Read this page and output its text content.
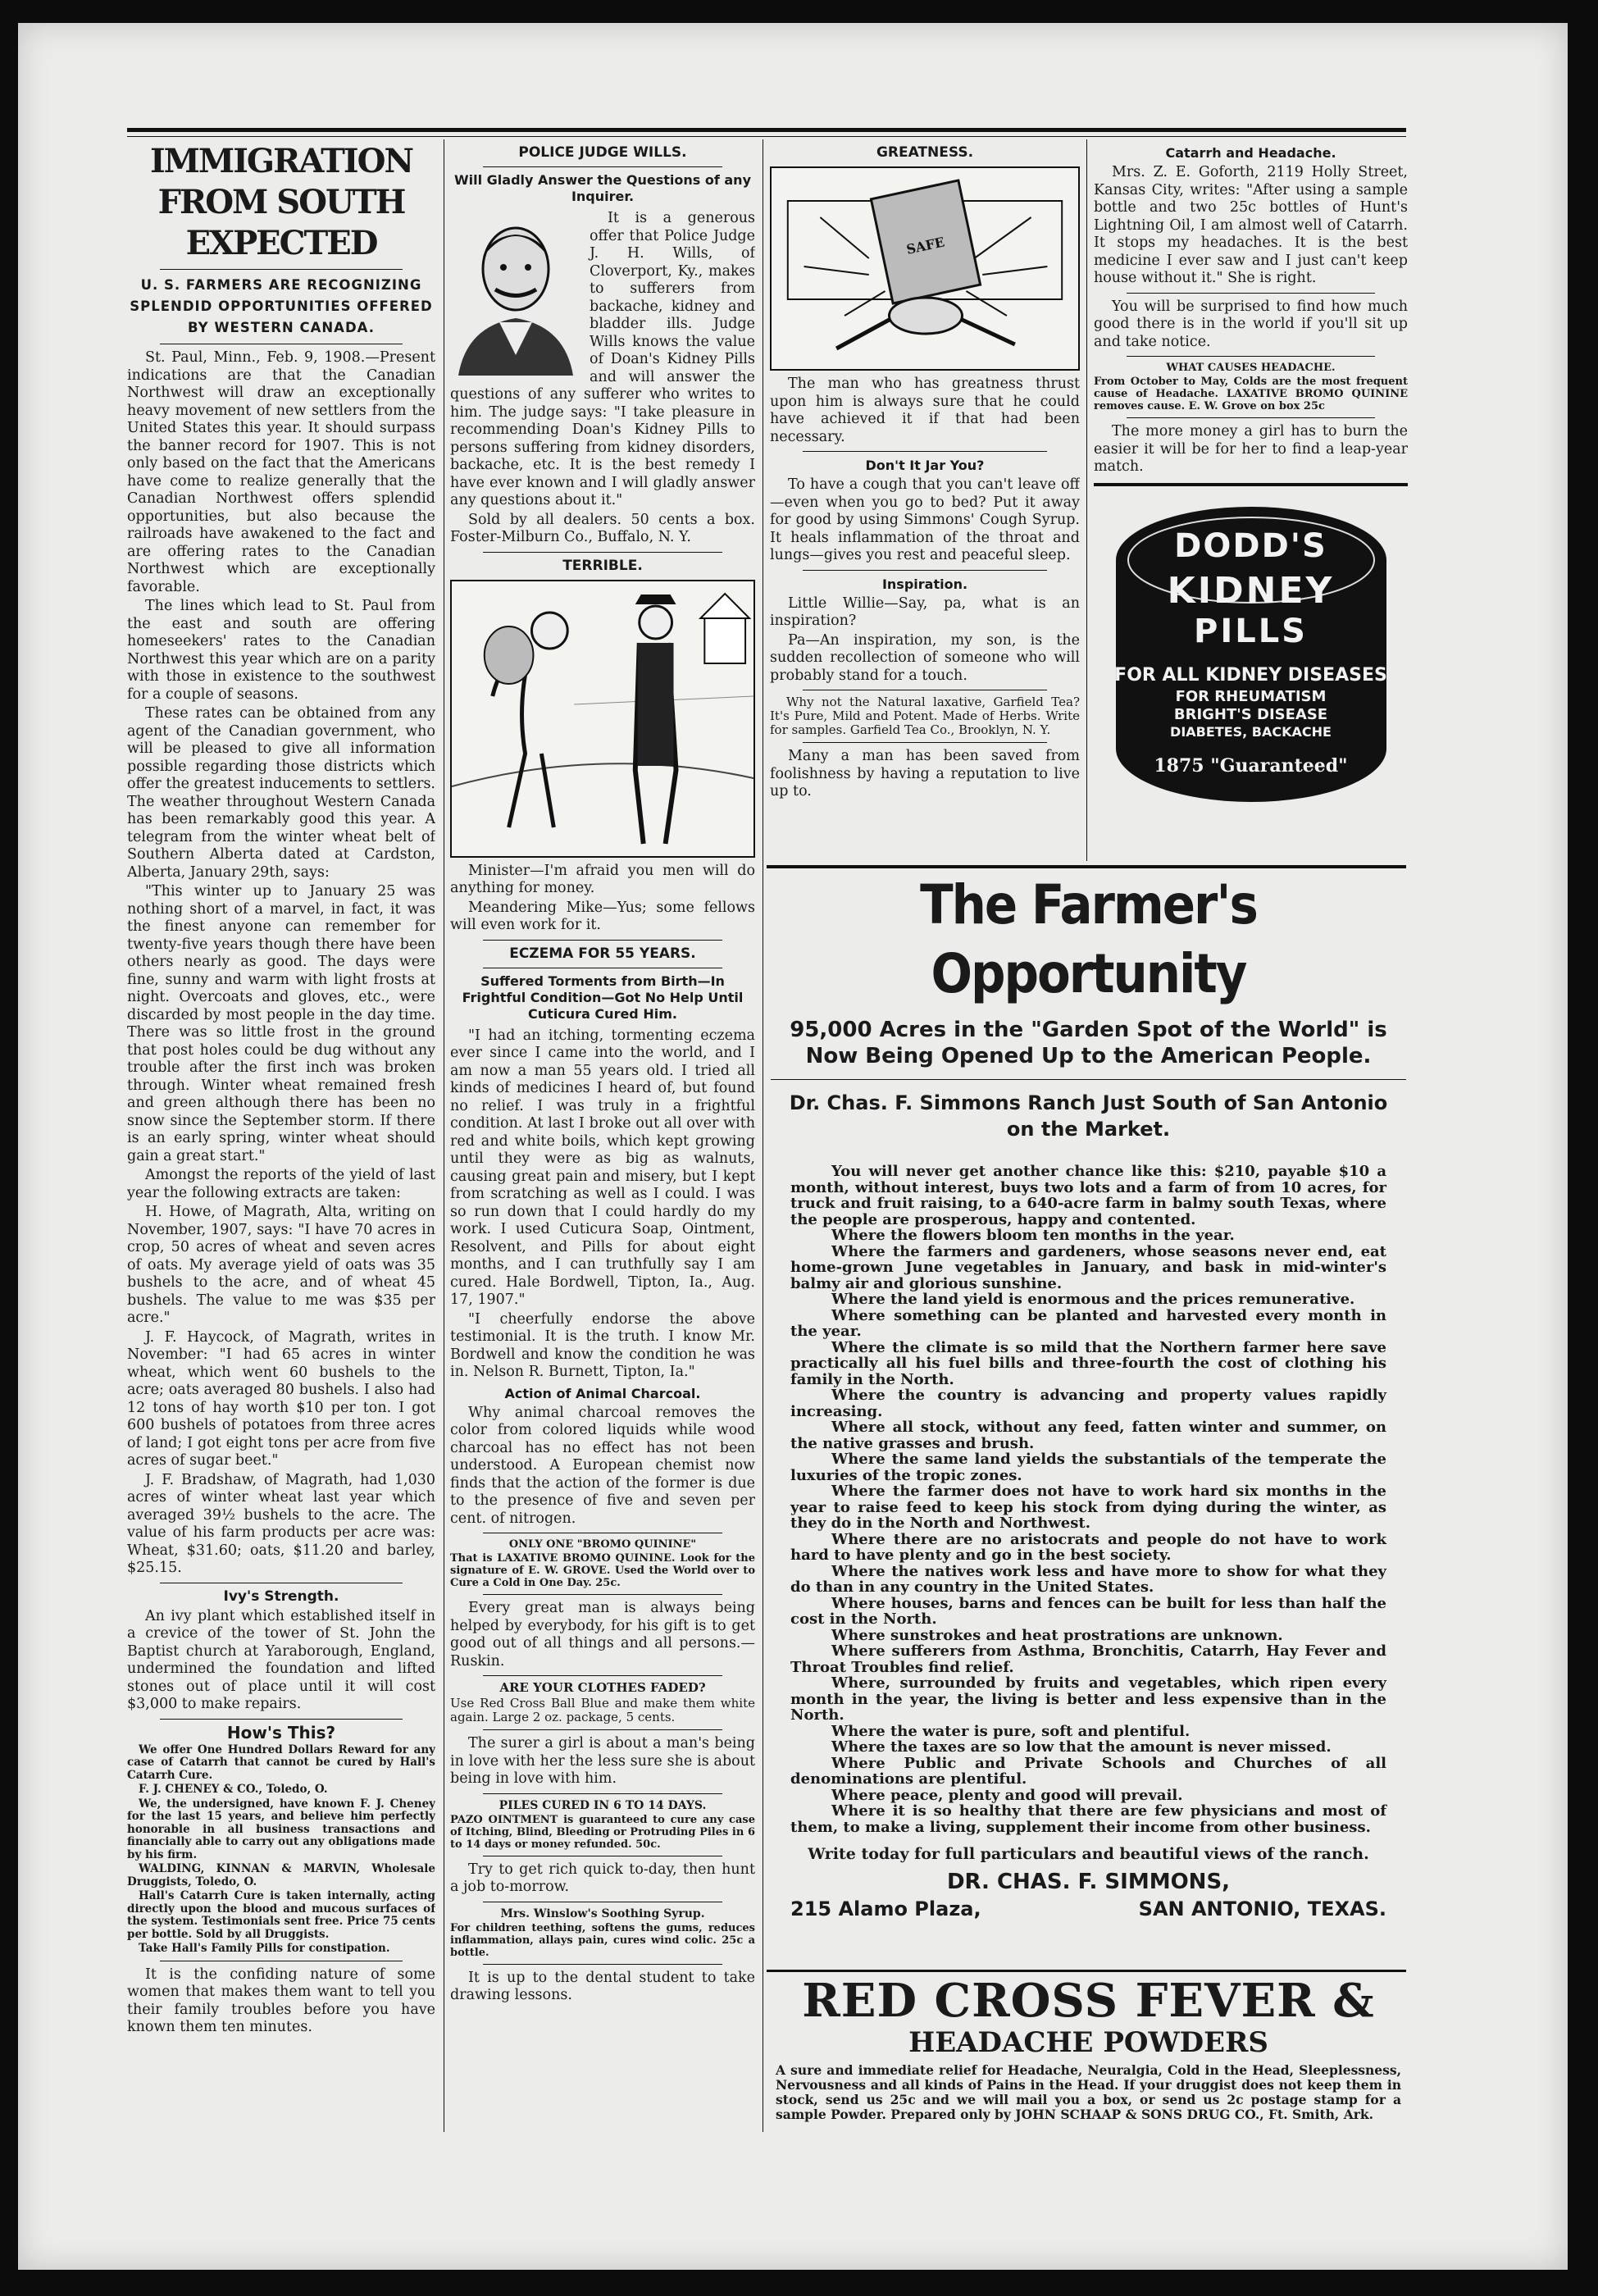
IMMIGRATION FROM SOUTH EXPECTED
U. S. FARMERS ARE RECOGNIZING SPLENDID OPPORTUNITIES OFFERED BY WESTERN CANADA.

St. Paul, Minn., Feb. 9, 1908.—Present indications are that the Canadian Northwest will draw an exceptionally heavy movement of new settlers from the United States this year. It should surpass the banner record for 1907. This is not only based on the fact that the Americans have come to realize generally that the Canadian Northwest offers splendid opportunities, but also because the railroads have awakened to the fact and are offering rates to the Canadian Northwest which are exceptionally favorable.

The lines which lead to St. Paul from the east and south are offering homeseekers' rates to the Canadian Northwest this year which are on a parity with those in existence to the southwest for a couple of seasons.

These rates can be obtained from any agent of the Canadian government, who will be pleased to give all information possible regarding those districts which offer the greatest inducements to settlers. The weather throughout Western Canada has been remarkably good this year. A telegram from the winter wheat belt of Southern Alberta dated at Cardston, Alberta, January 29th, says:

"This winter up to January 25 was nothing short of a marvel, in fact, it was the finest anyone can remember for twenty-five years though there have been others nearly as good. The days were fine, sunny and warm with light frosts at night. Overcoats and gloves, etc., were discarded by most people in the day time. There was so little frost in the ground that post holes could be dug without any trouble after the first inch was broken through. Winter wheat remained fresh and green although there has been no snow since the September storm. If there is an early spring, winter wheat should gain a great start."

Amongst the reports of the yield of last year the following extracts are taken:

H. Howe, of Magrath, Alta, writing on November, 1907, says: "I have 70 acres in crop, 50 acres of wheat and seven acres of oats. My average yield of oats was 35 bushels to the acre, and of wheat 45 bushels. The value to me was $35 per acre."

J. F. Haycock, of Magrath, writes in November: "I had 65 acres in winter wheat, which went 60 bushels to the acre; oats averaged 80 bushels. I also had 12 tons of hay worth $10 per ton. I got 600 bushels of potatoes from three acres of land; I got eight tons per acre from five acres of sugar beet."

J. F. Bradshaw, of Magrath, had 1,030 acres of winter wheat last year which averaged 39½ bushels to the acre. The value of his farm products per acre was: Wheat, $31.60; oats, $11.20 and barley, $25.15.

Ivy's Strength.

An ivy plant which established itself in a crevice of the tower of St. John the Baptist church at Yaraborough, England, undermined the foundation and lifted stones out of place until it will cost $3,000 to make repairs.

How's This?

We offer One Hundred Dollars Reward for any case of Catarrh that cannot be cured by Hall's Catarrh Cure.

F. J. CHENEY & CO., Toledo, O.

We, the undersigned, have known F. J. Cheney for the last 15 years, and believe him perfectly honorable in all business transactions and financially able to carry out any obligations made by his firm.

WALDING, KINNAN & MARVIN, Wholesale Druggists, Toledo, O.

Hall's Catarrh Cure is taken internally, acting directly upon the blood and mucous surfaces of the system. Testimonials sent free. Price 75 cents per bottle. Sold by all Druggists.

Take Hall's Family Pills for constipation.

It is the confiding nature of some women that makes them want to tell you their family troubles before you have known them ten minutes.

POLICE JUDGE WILLS.
Will Gladly Answer the Questions of any Inquirer.

It is a generous offer that Police Judge J. H. Wills, of Cloverport, Ky., makes to sufferers from backache, kidney and bladder ills. Judge Wills knows the value of Doan's Kidney Pills and will answer the questions of any sufferer who writes to him. The judge says: "I take pleasure in recommending Doan's Kidney Pills to persons suffering from kidney disorders, backache, etc. It is the best remedy I have ever known and I will gladly answer any questions about it."

Sold by all dealers. 50 cents a box. Foster-Milburn Co., Buffalo, N. Y.

TERRIBLE.

Minister—I'm afraid you men will do anything for money.

Meandering Mike—Yus; some fellows will even work for it.

ECZEMA FOR 55 YEARS.
Suffered Torments from Birth—In Frightful Condition—Got No Help Until Cuticura Cured Him.

"I had an itching, tormenting eczema ever since I came into the world, and I am now a man 55 years old. I tried all kinds of medicines I heard of, but found no relief. I was truly in a frightful condition. At last I broke out all over with red and white boils, which kept growing until they were as big as walnuts, causing great pain and misery, but I kept from scratching as well as I could. I was so run down that I could hardly do my work. I used Cuticura Soap, Ointment, Resolvent, and Pills for about eight months, and I can truthfully say I am cured. Hale Bordwell, Tipton, Ia., Aug. 17, 1907."

"I cheerfully endorse the above testimonial. It is the truth. I know Mr. Bordwell and know the condition he was in. Nelson R. Burnett, Tipton, Ia."

Action of Animal Charcoal.

Why animal charcoal removes the color from colored liquids while wood charcoal has no effect has not been understood. A European chemist now finds that the action of the former is due to the presence of five and seven per cent. of nitrogen.

ONLY ONE "BROMO QUININE"
That is LAXATIVE BROMO QUININE. Look for the signature of E. W. GROVE. Used the World over to Cure a Cold in One Day. 25c.

Every great man is always being helped by everybody, for his gift is to get good out of all things and all persons.—Ruskin.

ARE YOUR CLOTHES FADED?
Use Red Cross Ball Blue and make them white again. Large 2 oz. package, 5 cents.

The surer a girl is about a man's being in love with her the less sure she is about being in love with him.

PILES CURED IN 6 TO 14 DAYS.
PAZO OINTMENT is guaranteed to cure any case of Itching, Blind, Bleeding or Protruding Piles in 6 to 14 days or money refunded. 50c.

Try to get rich quick to-day, then hunt a job to-morrow.

Mrs. Winslow's Soothing Syrup.
For children teething, softens the gums, reduces inflammation, allays pain, cures wind colic. 25c a bottle.

It is up to the dental student to take drawing lessons.

GREATNESS.
SAFE

The man who has greatness thrust upon him is always sure that he could have achieved it if that had been necessary.

Don't It Jar You?

To have a cough that you can't leave off—even when you go to bed? Put it away for good by using Simmons' Cough Syrup. It heals inflammation of the throat and lungs—gives you rest and peaceful sleep.

Inspiration.

Little Willie—Say, pa, what is an inspiration?

Pa—An inspiration, my son, is the sudden recollection of someone who will probably stand for a touch.

Why not the Natural laxative, Garfield Tea? It's Pure, Mild and Potent. Made of Herbs. Write for samples. Garfield Tea Co., Brooklyn, N. Y.

Many a man has been saved from foolishness by having a reputation to live up to.

Catarrh and Headache.

Mrs. Z. E. Goforth, 2119 Holly Street, Kansas City, writes: "After using a sample bottle and two 25c bottles of Hunt's Lightning Oil, I am almost well of Catarrh. It stops my headaches. It is the best medicine I ever saw and I just can't keep house without it." She is right.

You will be surprised to find how much good there is in the world if you'll sit up and take notice.

WHAT CAUSES HEADACHE.
From October to May, Colds are the most frequent cause of Headache. LAXATIVE BROMO QUININE removes cause. E. W. Grove on box 25c

The more money a girl has to burn the easier it will be for her to find a leap-year match.

DODD'S
KIDNEY
PILLS
FOR ALL KIDNEY DISEASES
FOR RHEUMATISM
BRIGHT'S DISEASE
DIABETES, BACKACHE
1875 "Guaranteed"
The Farmer's Opportunity
95,000 Acres in the "Garden Spot of the World" is Now Being Opened Up to the American People.
Dr. Chas. F. Simmons Ranch Just South of San Antonio on the Market.

You will never get another chance like this: $210, payable $10 a month, without interest, buys two lots and a farm of from 10 acres, for truck and fruit raising, to a 640-acre farm in balmy south Texas, where the people are prosperous, happy and contented.

Where the flowers bloom ten months in the year.

Where the farmers and gardeners, whose seasons never end, eat home-grown June vegetables in January, and bask in mid-winter's balmy air and glorious sunshine.

Where the land yield is enormous and the prices remunerative.

Where something can be planted and harvested every month in the year.

Where the climate is so mild that the Northern farmer here save practically all his fuel bills and three-fourth the cost of clothing his family in the North.

Where the country is advancing and property values rapidly increasing.

Where all stock, without any feed, fatten winter and summer, on the native grasses and brush.

Where the same land yields the substantials of the temperate the luxuries of the tropic zones.

Where the farmer does not have to work hard six months in the year to raise feed to keep his stock from dying during the winter, as they do in the North and Northwest.

Where there are no aristocrats and people do not have to work hard to have plenty and go in the best society.

Where the natives work less and have more to show for what they do than in any country in the United States.

Where houses, barns and fences can be built for less than half the cost in the North.

Where sunstrokes and heat prostrations are unknown.

Where sufferers from Asthma, Bronchitis, Catarrh, Hay Fever and Throat Troubles find relief.

Where, surrounded by fruits and vegetables, which ripen every month in the year, the living is better and less expensive than in the North.

Where the water is pure, soft and plentiful.

Where the taxes are so low that the amount is never missed.

Where Public and Private Schools and Churches of all denominations are plentiful.

Where peace, plenty and good will prevail.

Where it is so healthy that there are few physicians and most of them, to make a living, supplement their income from other business.

Write today for full particulars and beautiful views of the ranch.
DR. CHAS. F. SIMMONS,
215 Alamo Plaza,	SAN ANTONIO, TEXAS.
RED CROSS FEVER &
HEADACHE POWDERS
A sure and immediate relief for Headache, Neuralgia, Cold in the Head, Sleeplessness, Nervousness and all kinds of Pains in the Head. If your druggist does not keep them in stock, send us 25c and we will mail you a box, or send us 2c postage stamp for a sample Powder. Prepared only by JOHN SCHAAP & SONS DRUG CO., Ft. Smith, Ark.
